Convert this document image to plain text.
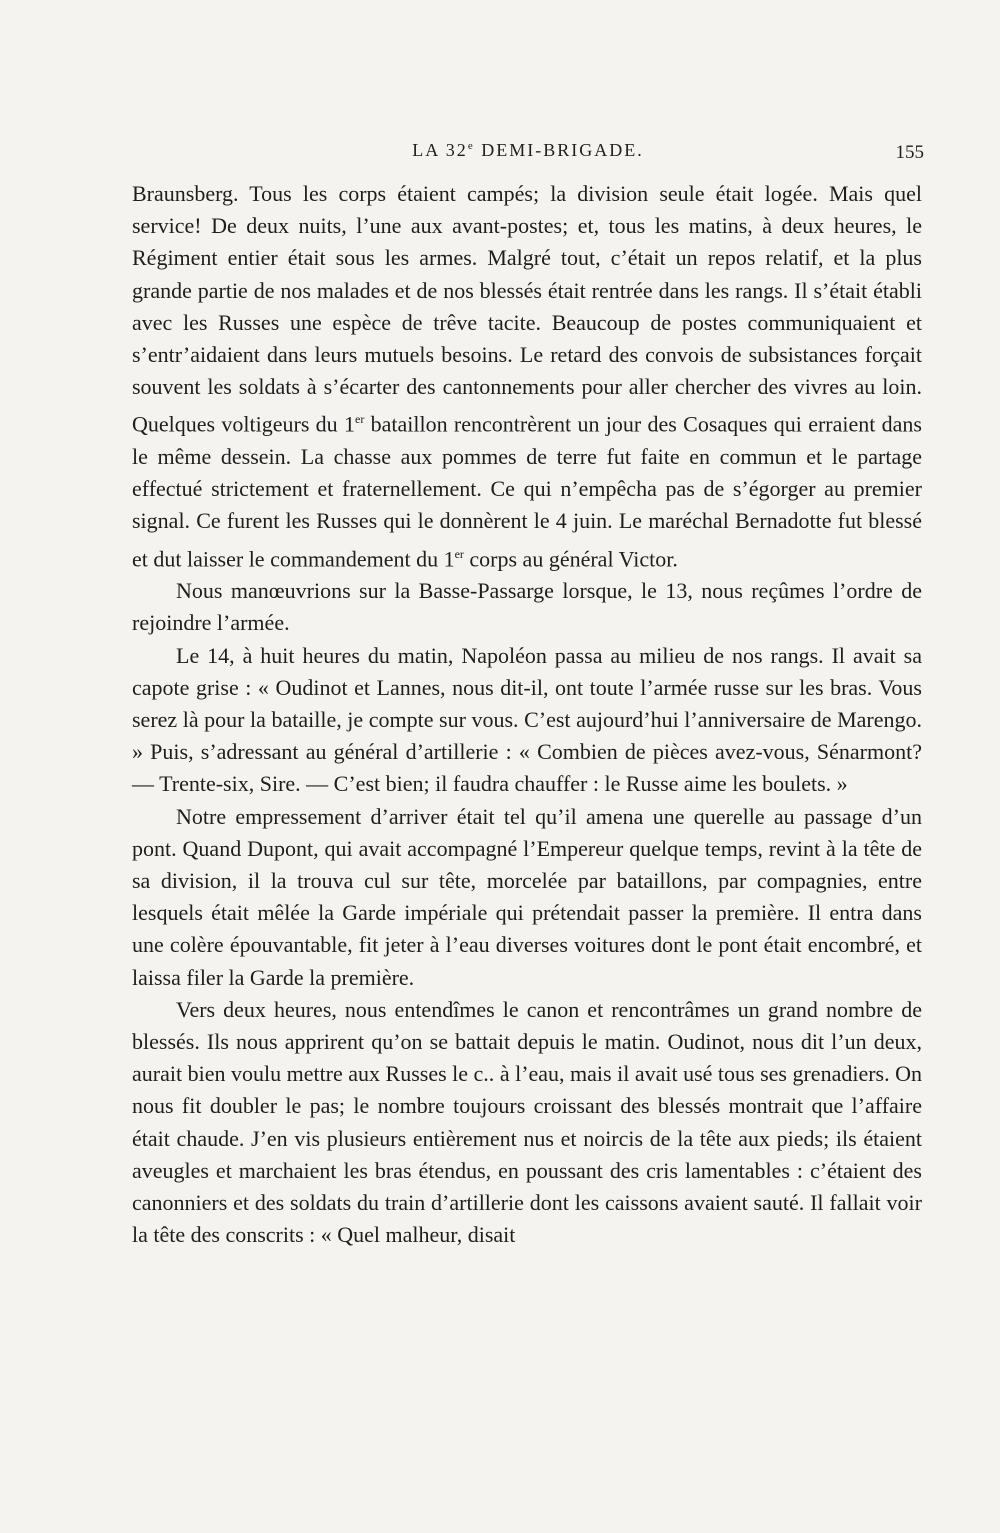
LA 32e DEMI-BRIGADE.	155

Braunsberg. Tous les corps étaient campés; la division seule était logée. Mais quel service! De deux nuits, l’une aux avant-postes; et, tous les matins, à deux heures, le Régiment entier était sous les armes. Malgré tout, c’était un repos relatif, et la plus grande partie de nos malades et de nos blessés était rentrée dans les rangs. Il s’était établi avec les Russes une espèce de trêve tacite. Beaucoup de postes communiquaient et s’entr’aidaient dans leurs mutuels besoins. Le retard des convois de subsistances forçait souvent les soldats à s’écarter des cantonnements pour aller chercher des vivres au loin. Quelques voltigeurs du 1er bataillon rencontrèrent un jour des Cosaques qui erraient dans le même dessein. La chasse aux pommes de terre fut faite en commun et le partage effectué strictement et fraternellement. Ce qui n’empêcha pas de s’égorger au premier signal. Ce furent les Russes qui le donnèrent le 4 juin. Le maréchal Bernadotte fut blessé et dut laisser le commandement du 1er corps au général Victor.

Nous manœuvrions sur la Basse-Passarge lorsque, le 13, nous reçûmes l’ordre de rejoindre l’armée.

Le 14, à huit heures du matin, Napoléon passa au milieu de nos rangs. Il avait sa capote grise : « Oudinot et Lannes, nous dit-il, ont toute l’armée russe sur les bras. Vous serez là pour la bataille, je compte sur vous. C’est aujourd’hui l’anniversaire de Marengo. » Puis, s’adressant au général d’artillerie : « Combien de pièces avez-vous, Sénarmont? — Trente-six, Sire. — C’est bien; il faudra chauffer : le Russe aime les boulets. »

Notre empressement d’arriver était tel qu’il amena une querelle au passage d’un pont. Quand Dupont, qui avait accompagné l’Empereur quelque temps, revint à la tête de sa division, il la trouva cul sur tête, morcelée par bataillons, par compagnies, entre lesquels était mêlée la Garde impériale qui prétendait passer la première. Il entra dans une colère épouvantable, fit jeter à l’eau diverses voitures dont le pont était encombré, et laissa filer la Garde la première.

Vers deux heures, nous entendîmes le canon et rencontrâmes un grand nombre de blessés. Ils nous apprirent qu’on se battait depuis le matin. Oudinot, nous dit l’un deux, aurait bien voulu mettre aux Russes le c.. à l’eau, mais il avait usé tous ses grenadiers. On nous fit doubler le pas; le nombre toujours croissant des blessés montrait que l’affaire était chaude. J’en vis plusieurs entièrement nus et noircis de la tête aux pieds; ils étaient aveugles et marchaient les bras étendus, en poussant des cris lamentables : c’étaient des canonniers et des soldats du train d’artillerie dont les caissons avaient sauté. Il fallait voir la tête des conscrits : « Quel malheur, disait
